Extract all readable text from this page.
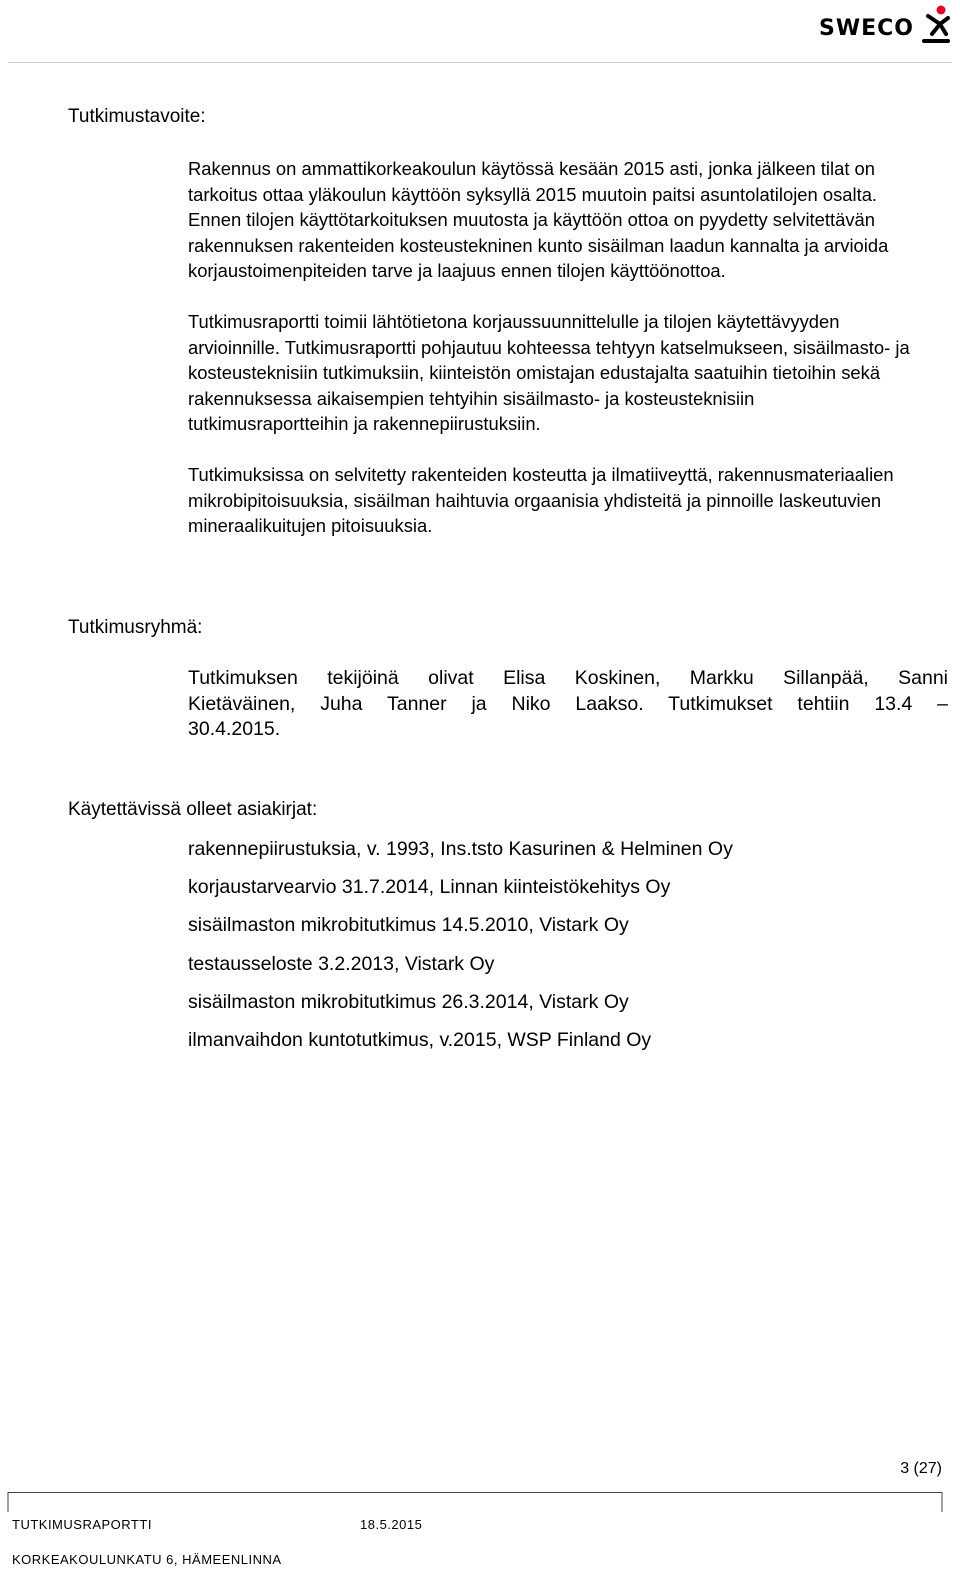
SWECO
Tutkimustavoite:

Rakennus on ammattikorkeakoulun käytössä kesään 2015 asti, jonka jälkeen tilat on tarkoitus ottaa yläkoulun käyttöön syksyllä 2015 muutoin paitsi asuntolatilojen osalta. Ennen tilojen käyttötarkoituksen muutosta ja käyttöön ottoa on pyydetty selvitettävän rakennuksen rakenteiden kosteustekninen kunto sisäilman laadun kannalta ja arvioida korjaustoimenpiteiden tarve ja laajuus ennen tilojen käyttöönottoa.

Tutkimusraportti toimii lähtötietona korjaussuunnittelulle ja tilojen käytettävyyden arvioinnille. Tutkimusraportti pohjautuu kohteessa tehtyyn katselmukseen, sisäilmasto- ja kosteusteknisiin tutkimuksiin, kiinteistön omistajan edustajalta saatuihin tietoihin sekä rakennuksessa aikaisempien tehtyihin sisäilmasto- ja kosteusteknisiin tutkimusraportteihin ja rakennepiirustuksiin.

Tutkimuksissa on selvitetty rakenteiden kosteutta ja ilmatiiveyttä, rakennusmateriaalien mikrobipitoisuuksia, sisäilman haihtuvia orgaanisia yhdisteitä ja pinnoille laskeutuvien mineraalikuitujen pitoisuuksia.

Tutkimusryhmä:

Tutkimuksen tekijöinä olivat Elisa Koskinen, Markku Sillanpää, Sanni

Kietäväinen, Juha Tanner ja Niko Laakso. Tutkimukset tehtiin 13.4 –

30.4.2015.

Käytettävissä olleet asiakirjat:
rakennepiirustuksia, v. 1993, Ins.tsto Kasurinen & Helminen Oy
korjaustarvearvio 31.7.2014, Linnan kiinteistökehitys Oy
sisäilmaston mikrobitutkimus 14.5.2010, Vistark Oy
testausseloste 3.2.2013, Vistark Oy
sisäilmaston mikrobitutkimus 26.3.2014, Vistark Oy
ilmanvaihdon kuntotutkimus, v.2015, WSP Finland Oy
3 (27)
TUTKIMUSRAPORTTI	18.5.2015
KORKEAKOULUNKATU 6, HÄMEENLINNA
